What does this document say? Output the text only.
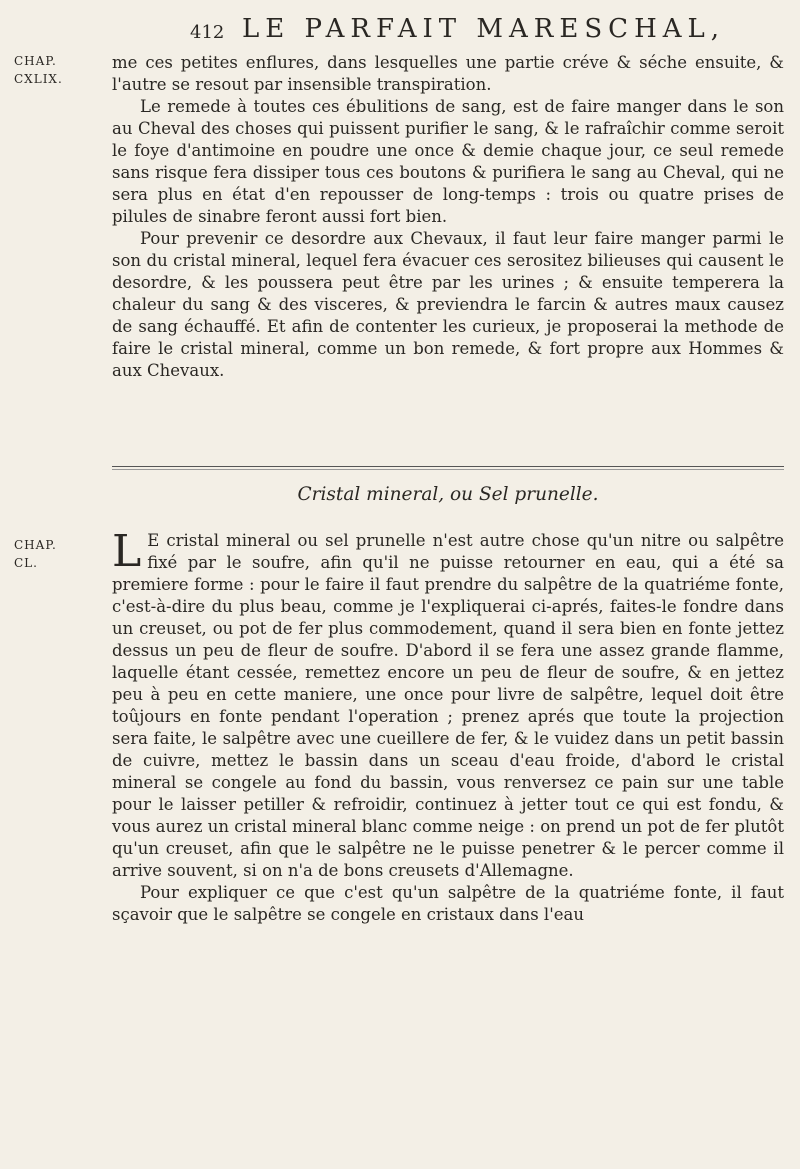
412 LE PARFAIT MARESCHAL,
CHAP.
CXLIX.

me ces petites enflures, dans lesquelles une partie créve & séche ensuite, & l'autre se resout par insensible transpiration.

Le remede à toutes ces ébulitions de sang, est de faire manger dans le son au Cheval des choses qui puissent purifier le sang, & le rafraîchir comme seroit le foye d'antimoine en poudre une once & demie chaque jour, ce seul remede sans risque fera dissiper tous ces boutons & purifiera le sang au Cheval, qui ne sera plus en état d'en repousser de long-temps : trois ou quatre prises de pilules de sinabre feront aussi fort bien.

Pour prevenir ce desordre aux Chevaux, il faut leur faire manger parmi le son du cristal mineral, lequel fera évacuer ces serositez bilieuses qui causent le desordre, & les poussera peut être par les urines ; & ensuite temperera la chaleur du sang & des visceres, & previendra le farcin & autres maux causez de sang échauffé. Et afin de contenter les curieux, je proposerai la methode de faire le cristal mineral, comme un bon remede, & fort propre aux Hommes & aux Chevaux.

Cristal mineral, ou Sel prunelle.
CHAP.
CL.	L E cristal mineral ou sel prunelle n'est autre chose qu'un nitre ou salpêtre fixé par le soufre, afin qu'il ne puisse retourner en eau, qui a été sa premiere forme : pour le faire il faut prendre du salpêtre de la quatriéme fonte, c'est-à-dire du plus beau, comme je l'expliquerai ci-aprés, faites-le fondre dans un creuset, ou pot de fer plus commodement, quand il sera bien en fonte jettez dessus un peu de fleur de soufre. D'abord il se fera une assez grande flamme, laquelle étant cessée, remettez encore un peu de fleur de soufre, & en jettez peu à peu en cette maniere, une once pour livre de salpêtre, lequel doit être toûjours en fonte pendant l'operation ; prenez aprés que toute la projection sera faite, le salpêtre avec une cueillere de fer, & le vuidez dans un petit bassin de cuivre, mettez le bassin dans un sceau d'eau froide, d'abord le cristal mineral se congele au fond du bassin, vous renversez ce pain sur une table pour le laisser petiller & refroidir, continuez à jetter tout ce qui est fondu, & vous aurez un cristal mineral blanc comme neige : on prend un pot de fer plutôt qu'un creuset, afin que le salpêtre ne le puisse penetrer & le percer comme il arrive souvent, si on n'a de bons creusets d'Allemagne.

Pour expliquer ce que c'est qu'un salpêtre de la quatriéme fonte, il faut sçavoir que le salpêtre se congele en cristaux dans l'eau
